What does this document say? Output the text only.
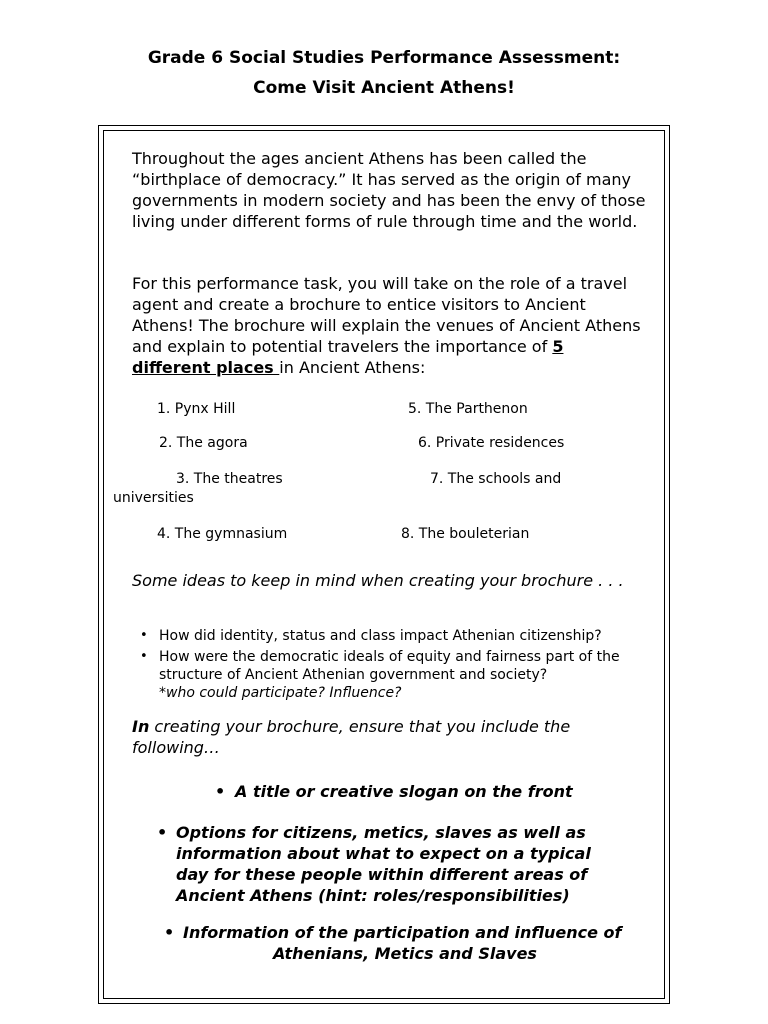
Grade 6 Social Studies Performance Assessment:
Come Visit Ancient Athens!

Throughout the ages ancient Athens has been called the “birthplace of democracy.” It has served as the origin of many governments in modern society and has been the envy of those living under different forms of rule through time and the world.

For this performance task, you will take on the role of a travel agent and create a brochure to entice visitors to Ancient Athens! The brochure will explain the venues of Ancient Athens and explain to potential travelers the importance of 5 different places in Ancient Athens:

1. Pynx Hill
2. The agora
3. The theatres
4. The gymnasium
5. The Parthenon
6. Private residences
7. The schools and
universities
8. The bouleterian
Some ideas to keep in mind when creating your brochure . . .
• How did identity, status and class impact Athenian citizenship?
• How were the democratic ideals of equity and fairness part of the structure of Ancient Athenian government and society?
*who could participate? Influence?
In creating your brochure, ensure that you include the following…
• A title or creative slogan on the front
• Options for citizens, metics, slaves as well as information about what to expect on a typical day for these people within different areas of Ancient Athens (hint: roles/responsibilities)
• Information of the participation and influence of
Athenians, Metics and Slaves
